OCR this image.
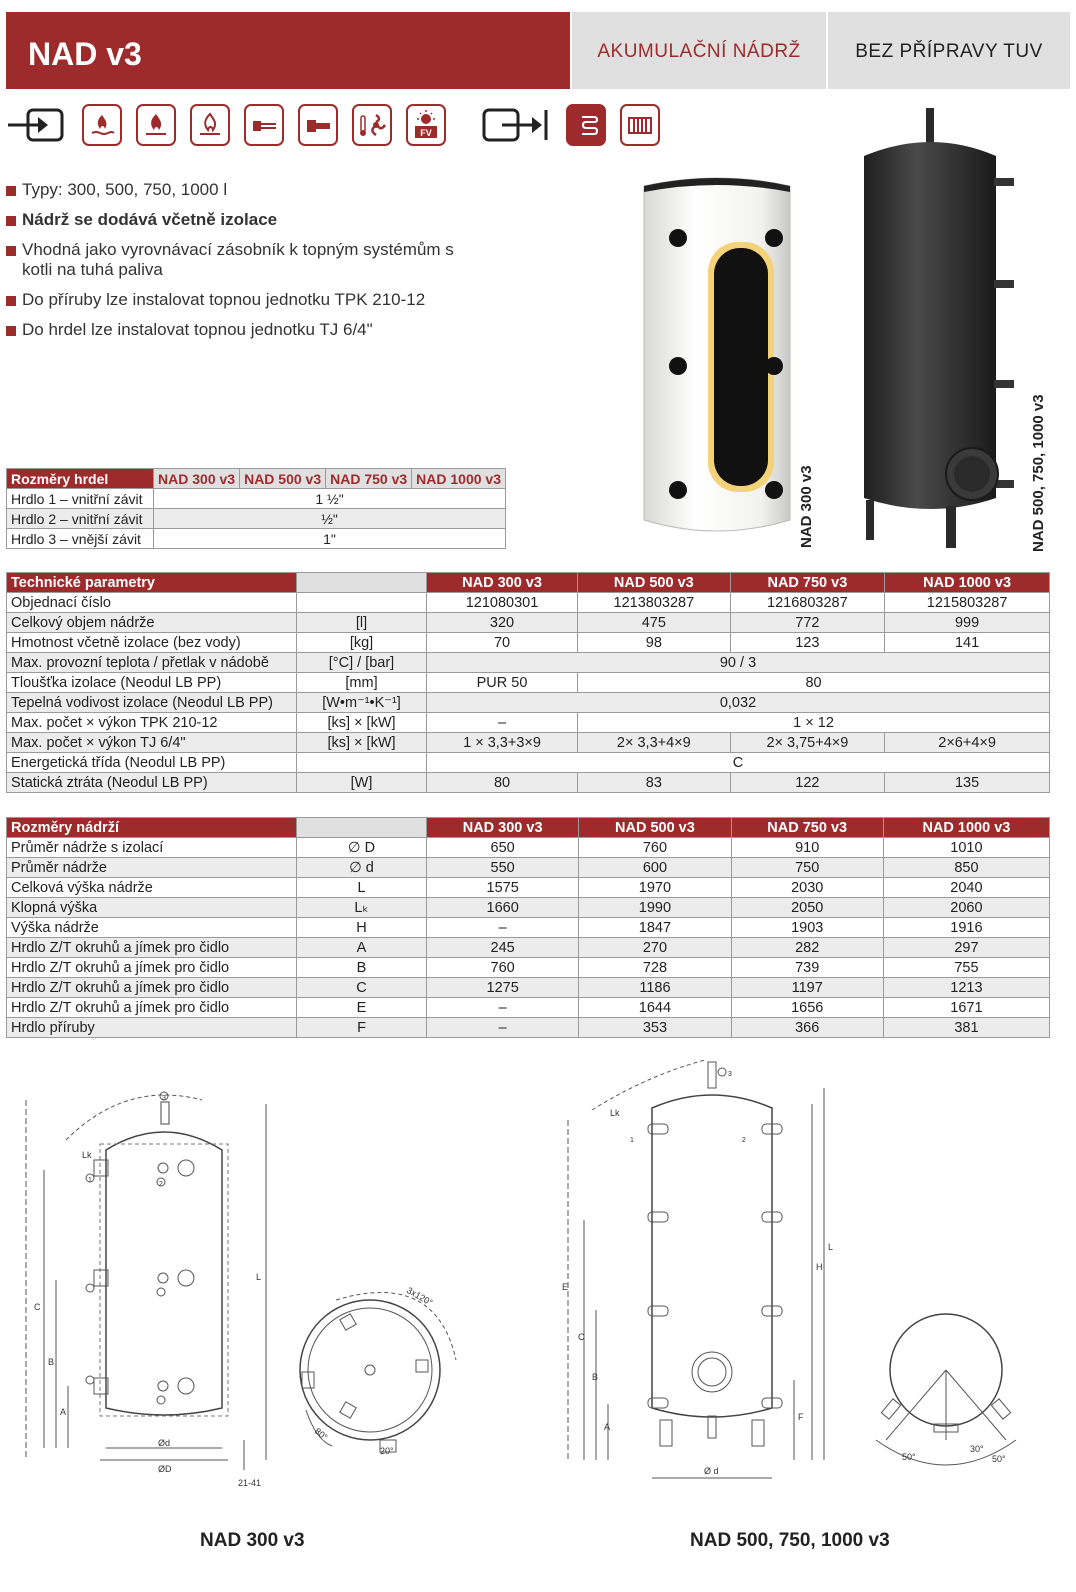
NAD v3	AKUMULAČNÍ NÁDRŽ	BEZ PŘÍPRAVY TUV
FV
Typy: 300, 500, 750, 1000 l
Nádrž se dodává včetně izolace
Vhodná jako vyrovnávací zásobník k topným systémům s kotli na tuhá paliva
Do příruby lze instalovat topnou jednotku TPK 210-12
Do hrdel lze instalovat topnou jednotku TJ 6/4"
NAD 300 v3	NAD 500, 750, 1000 v3
Rozměry hrdel	NAD 300 v3	NAD 500 v3	NAD 750 v3	NAD 1000 v3
Hrdlo 1 – vnitřní závit	1 ½"			
Hrdlo 2 – vnitřní závit	½"			
Hrdlo 3 – vnější závit	1"			
Technické parametry		NAD 300 v3	NAD 500 v3	NAD 750 v3	NAD 1000 v3
Objednací číslo		121080301	1213803287	1216803287	1215803287
Celkový objem nádrže	[l]	320	475	772	999
Hmotnost včetně izolace (bez vody)	[kg]	70	98	123	141
Max. provozní teplota / přetlak v nádobě	[°C] / [bar]	90 / 3			
Tloušťka izolace (Neodul LB PP)	[mm]	PUR 50	80		
Tepelná vodivost izolace (Neodul LB PP)	[W•m⁻¹•K⁻¹]	0,032			
Max. počet × výkon TPK 210-12	[ks] × [kW]	–	1 × 12		
Max. počet × výkon TJ 6/4"	[ks] × [kW]	1 × 3,3+3×9	2× 3,3+4×9	2× 3,75+4×9	2×6+4×9
Energetická třída (Neodul LB PP)		C			
Statická ztráta (Neodul LB PP)	[W]	80	83	122	135
Rozměry nádrží		NAD 300 v3	NAD 500 v3	NAD 750 v3	NAD 1000 v3
Průměr nádrže s izolací	∅ D	650	760	910	1010
Průměr nádrže	∅ d	550	600	750	850
Celková výška nádrže	L	1575	1970	2030	2040
Klopná výška	Lₖ	1660	1990	2050	2060
Výška nádrže	H	–	1847	1903	1916
Hrdlo Z/T okruhů a jímek pro čidlo	A	245	270	282	297
Hrdlo Z/T okruhů a jímek pro čidlo	B	760	728	739	755
Hrdlo Z/T okruhů a jímek pro čidlo	C	1275	1186	1197	1213
Hrdlo Z/T okruhů a jímek pro čidlo	E	–	1644	1656	1671
Hrdlo příruby	F	–	353	366	381
Lk
L
C
B
A
Ød
ØD
21-41
3
1
2
3x120°
80°
20°
Lk
3
1	2
H
L
E
C
B
A
F
Ø d
50°
30°
50°
NAD 300 v3	NAD 500, 750, 1000 v3
